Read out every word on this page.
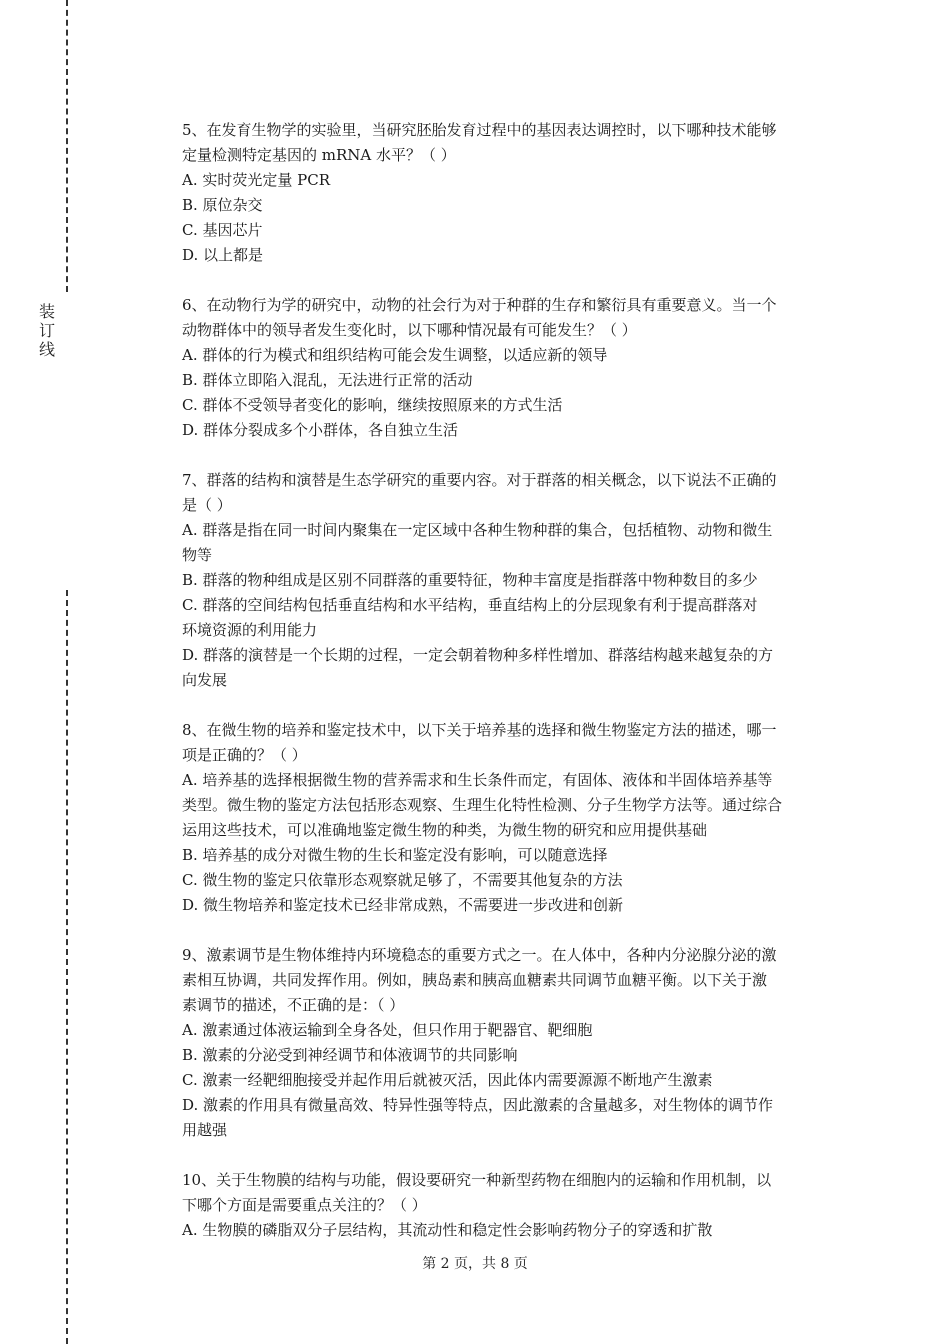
装
订
线
5、在发育生物学的实验里，当研究胚胎发育过程中的基因表达调控时，以下哪种技术能够
定量检测特定基因的 mRNA 水平？（ ）
A. 实时荧光定量 PCR
B. 原位杂交
C. 基因芯片
D. 以上都是
6、在动物行为学的研究中，动物的社会行为对于种群的生存和繁衍具有重要意义。当一个
动物群体中的领导者发生变化时，以下哪种情况最有可能发生？（ ）
A. 群体的行为模式和组织结构可能会发生调整，以适应新的领导
B. 群体立即陷入混乱，无法进行正常的活动
C. 群体不受领导者变化的影响，继续按照原来的方式生活
D. 群体分裂成多个小群体，各自独立生活
7、群落的结构和演替是生态学研究的重要内容。对于群落的相关概念，以下说法不正确的
是（ ）
A. 群落是指在同一时间内聚集在一定区域中各种生物种群的集合，包括植物、动物和微生
物等
B. 群落的物种组成是区别不同群落的重要特征，物种丰富度是指群落中物种数目的多少
C. 群落的空间结构包括垂直结构和水平结构，垂直结构上的分层现象有利于提高群落对
环境资源的利用能力
D. 群落的演替是一个长期的过程，一定会朝着物种多样性增加、群落结构越来越复杂的方
向发展
8、在微生物的培养和鉴定技术中，以下关于培养基的选择和微生物鉴定方法的描述，哪一
项是正确的？（ ）
A. 培养基的选择根据微生物的营养需求和生长条件而定，有固体、液体和半固体培养基等
类型。微生物的鉴定方法包括形态观察、生理生化特性检测、分子生物学方法等。通过综合
运用这些技术，可以准确地鉴定微生物的种类，为微生物的研究和应用提供基础
B. 培养基的成分对微生物的生长和鉴定没有影响，可以随意选择
C. 微生物的鉴定只依靠形态观察就足够了，不需要其他复杂的方法
D. 微生物培养和鉴定技术已经非常成熟，不需要进一步改进和创新
9、激素调节是生物体维持内环境稳态的重要方式之一。在人体中，各种内分泌腺分泌的激
素相互协调，共同发挥作用。例如，胰岛素和胰高血糖素共同调节血糖平衡。以下关于激
素调节的描述，不正确的是：（ ）
A. 激素通过体液运输到全身各处，但只作用于靶器官、靶细胞
B. 激素的分泌受到神经调节和体液调节的共同影响
C. 激素一经靶细胞接受并起作用后就被灭活，因此体内需要源源不断地产生激素
D. 激素的作用具有微量高效、特异性强等特点，因此激素的含量越多，对生物体的调节作
用越强
10、关于生物膜的结构与功能，假设要研究一种新型药物在细胞内的运输和作用机制，以
下哪个方面是需要重点关注的？（ ）
A. 生物膜的磷脂双分子层结构，其流动性和稳定性会影响药物分子的穿透和扩散
第 2 页，共 8 页
